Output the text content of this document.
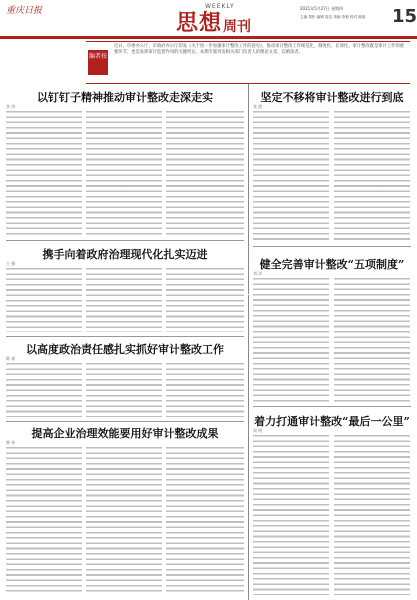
重庆日报	WEEKLY
思想 周刊
2021年5月27日 星期四
主编 郑松 编辑 周洁 美编 李艳 校对 陈丽	15
编者按
近日，市委办公厅、市政府办公厅印发《关于进一步加强审计整改工作的意见》，推动审计整改工作规范化、制度化、长效化。审计整改既是审计工作的重要环节，也是发挥审计监督作用的关键所在。本期专版刊发相关部门负责人的理论文章，以飨读者。
以钉钉子精神推动审计整改走深走实
李 涛
坚定不移将审计整改进行到底
张 凯
携手向着政府治理现代化扎实迈进
王 强	健全完善审计整改“五项制度”
刘 洋
以高度政治责任感扎实抓好审计整改工作
陈 斌
着力打通审计整改“最后一公里”
周 明
提高企业治理效能要用好审计整改成果
黄 伟
